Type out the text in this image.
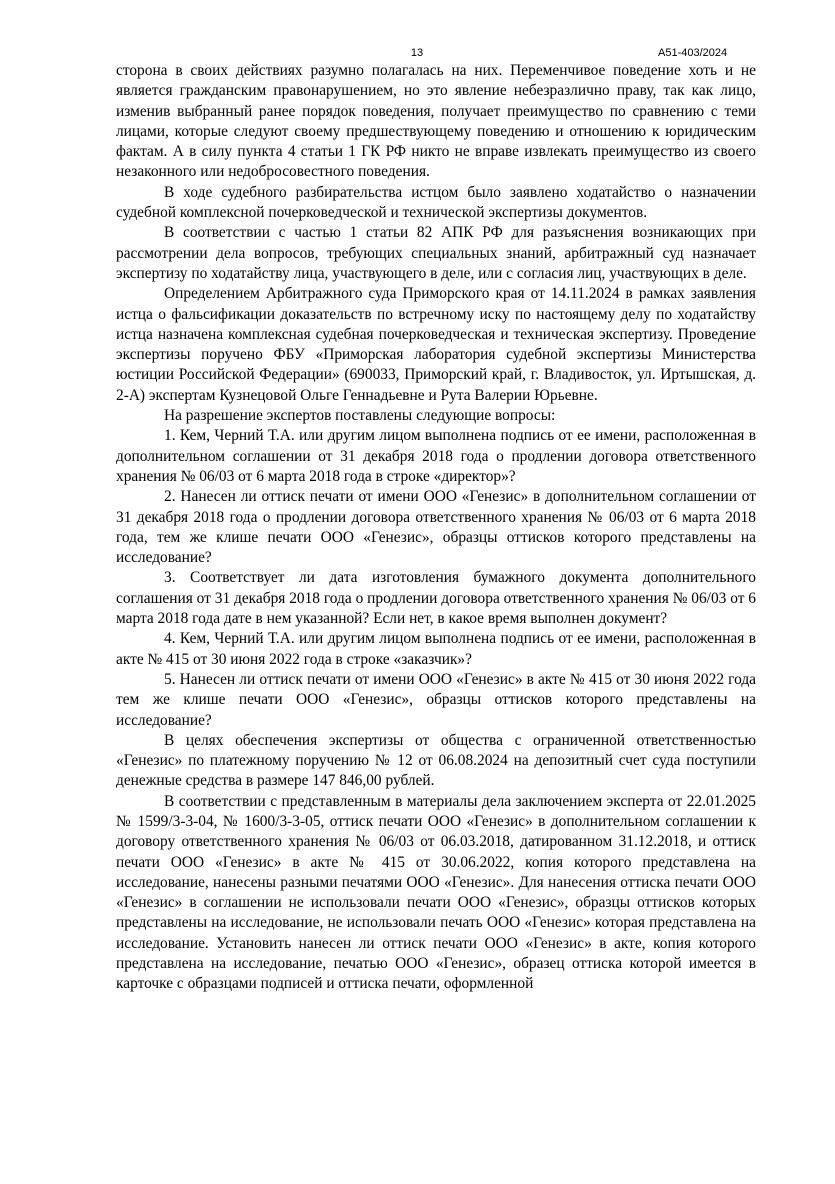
13	А51-403/2024

сторона в своих действиях разумно полагалась на них. Переменчивое поведение хоть и не является гражданским правонарушением, но это явление небезразлично праву, так как лицо, изменив выбранный ранее порядок поведения, получает преимущество по сравнению с теми лицами, которые следуют своему предшествующему поведению и отношению к юридическим фактам. А в силу пункта 4 статьи 1 ГК РФ никто не вправе извлекать преимущество из своего незаконного или недобросовестного поведения.

В ходе судебного разбирательства истцом было заявлено ходатайство о назначении судебной комплексной почерковедческой и технической экспертизы документов.

В соответствии с частью 1 статьи 82 АПК РФ для разъяснения возникающих при рассмотрении дела вопросов, требующих специальных знаний, арбитражный суд назначает экспертизу по ходатайству лица, участвующего в деле, или с согласия лиц, участвующих в деле.

Определением Арбитражного суда Приморского края от 14.11.2024 в рамках заявления истца о фальсификации доказательств по встречному иску по настоящему делу по ходатайству истца назначена комплексная судебная почерковедческая и техническая экспертизу. Проведение экспертизы поручено ФБУ «Приморская лаборатория судебной экспертизы Министерства юстиции Российской Федерации» (690033, Приморский край, г. Владивосток, ул. Иртышская, д. 2-А) экспертам Кузнецовой Ольге Геннадьевне и Рута Валерии Юрьевне.

На разрешение экспертов поставлены следующие вопросы:

1. Кем, Черний Т.А. или другим лицом выполнена подпись от ее имени, расположенная в дополнительном соглашении от 31 декабря 2018 года о продлении договора ответственного хранения № 06/03 от 6 марта 2018 года в строке «директор»?

2. Нанесен ли оттиск печати от имени ООО «Генезис» в дополнительном соглашении от 31 декабря 2018 года о продлении договора ответственного хранения № 06/03 от 6 марта 2018 года, тем же клише печати ООО «Генезис», образцы оттисков которого представлены на исследование?

3. Соответствует ли дата изготовления бумажного документа дополнительного соглашения от 31 декабря 2018 года о продлении договора ответственного хранения № 06/03 от 6 марта 2018 года дате в нем указанной? Если нет, в какое время выполнен документ?

4. Кем, Черний Т.А. или другим лицом выполнена подпись от ее имени, расположенная в акте № 415 от 30 июня 2022 года в строке «заказчик»?

5. Нанесен ли оттиск печати от имени ООО «Генезис» в акте № 415 от 30 июня 2022 года тем же клише печати ООО «Генезис», образцы оттисков которого представлены на исследование?

В целях обеспечения экспертизы от общества с ограниченной ответственностью «Генезис» по платежному поручению № 12 от 06.08.2024 на депозитный счет суда поступили денежные средства в размере 147 846,00 рублей.

В соответствии с представленным в материалы дела заключением эксперта от 22.01.2025 № 1599/3-3-04, № 1600/3-3-05, оттиск печати ООО «Генезис» в дополнительном соглашении к договору ответственного хранения № 06/03 от 06.03.2018, датированном 31.12.2018, и оттиск печати ООО «Генезис» в акте № 415 от 30.06.2022, копия которого представлена на исследование, нанесены разными печатями ООО «Генезис». Для нанесения оттиска печати ООО «Генезис» в соглашении не использовали печати ООО «Генезис», образцы оттисков которых представлены на исследование, не использовали печать ООО «Генезис» которая представлена на исследование. Установить нанесен ли оттиск печати ООО «Генезис» в акте, копия которого представлена на исследование, печатью ООО «Генезис», образец оттиска которой имеется в карточке с образцами подписей и оттиска печати, оформленной
